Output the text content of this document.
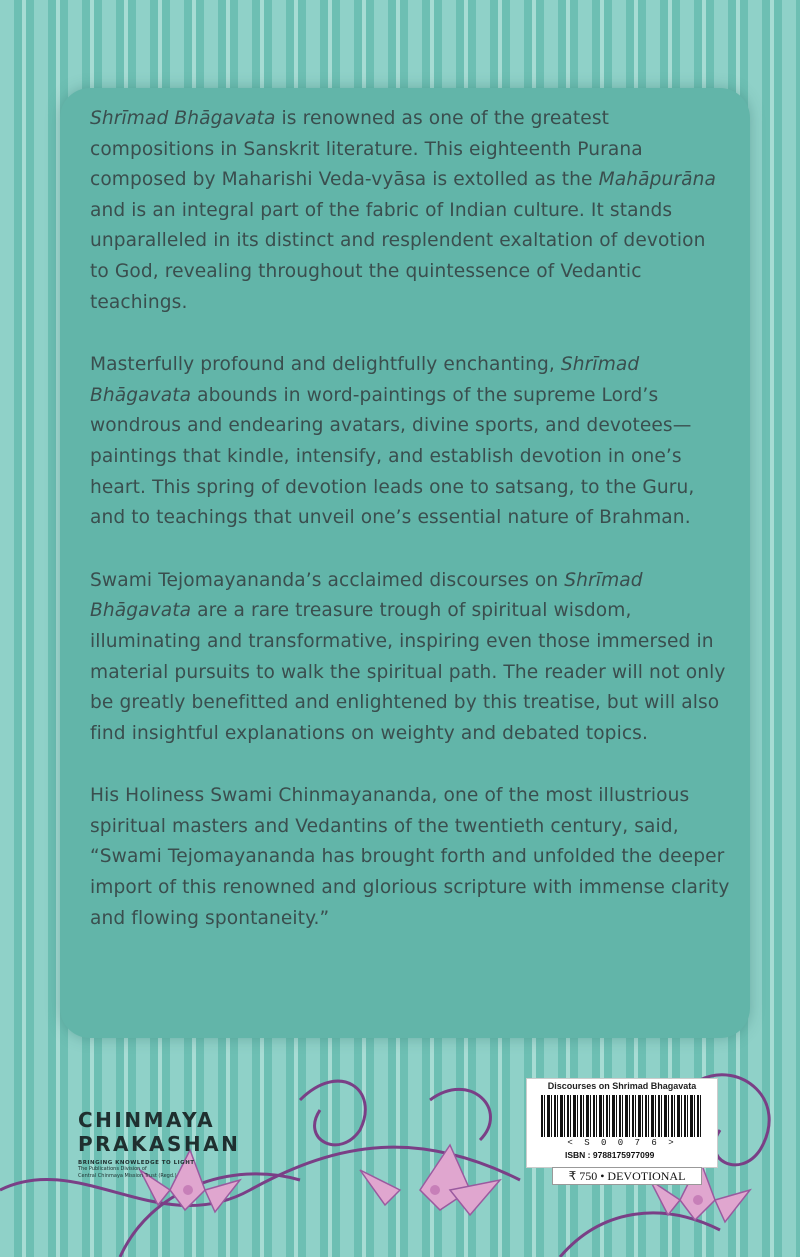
Shrīmad Bhāgavata is renowned as one of the greatest compositions in Sanskrit literature. This eighteenth Purana composed by Maharishi Veda-vyāsa is extolled as the Mahāpurāna and is an integral part of the fabric of Indian culture. It stands unparalleled in its distinct and resplendent exaltation of devotion to God, revealing throughout the quintessence of Vedantic teachings.

Masterfully profound and delightfully enchanting, Shrīmad Bhāgavata abounds in word-paintings of the supreme Lord’s wondrous and endearing avatars, divine sports, and devotees—paintings that kindle, intensify, and establish devotion in one’s heart. This spring of devotion leads one to satsang, to the Guru, and to teachings that unveil one’s essential nature of Brahman.

Swami Tejomayananda’s acclaimed discourses on Shrīmad Bhāgavata are a rare treasure trough of spiritual wisdom, illuminating and transformative, inspiring even those immersed in material pursuits to walk the spiritual path. The reader will not only be greatly benefitted and enlightened by this treatise, but will also find insightful explanations on weighty and debated topics.

His Holiness Swami Chinmayananda, one of the most illustrious spiritual masters and Vedantins of the twentieth century, said, “Swami Tejomayananda has brought forth and unfolded the deeper import of this renowned and glorious scripture with immense clarity and flowing spontaneity.”

CHINMAYA
PRAKASHAN
BRINGING KNOWLEDGE TO LIGHT
The Publications Division of
Central Chinmaya Mission Trust (Regd.)
Discourses on Shrimad Bhagavata
< S 0 0 7 6 >
ISBN : 9788175977099
₹ 750 • DEVOTIONAL
